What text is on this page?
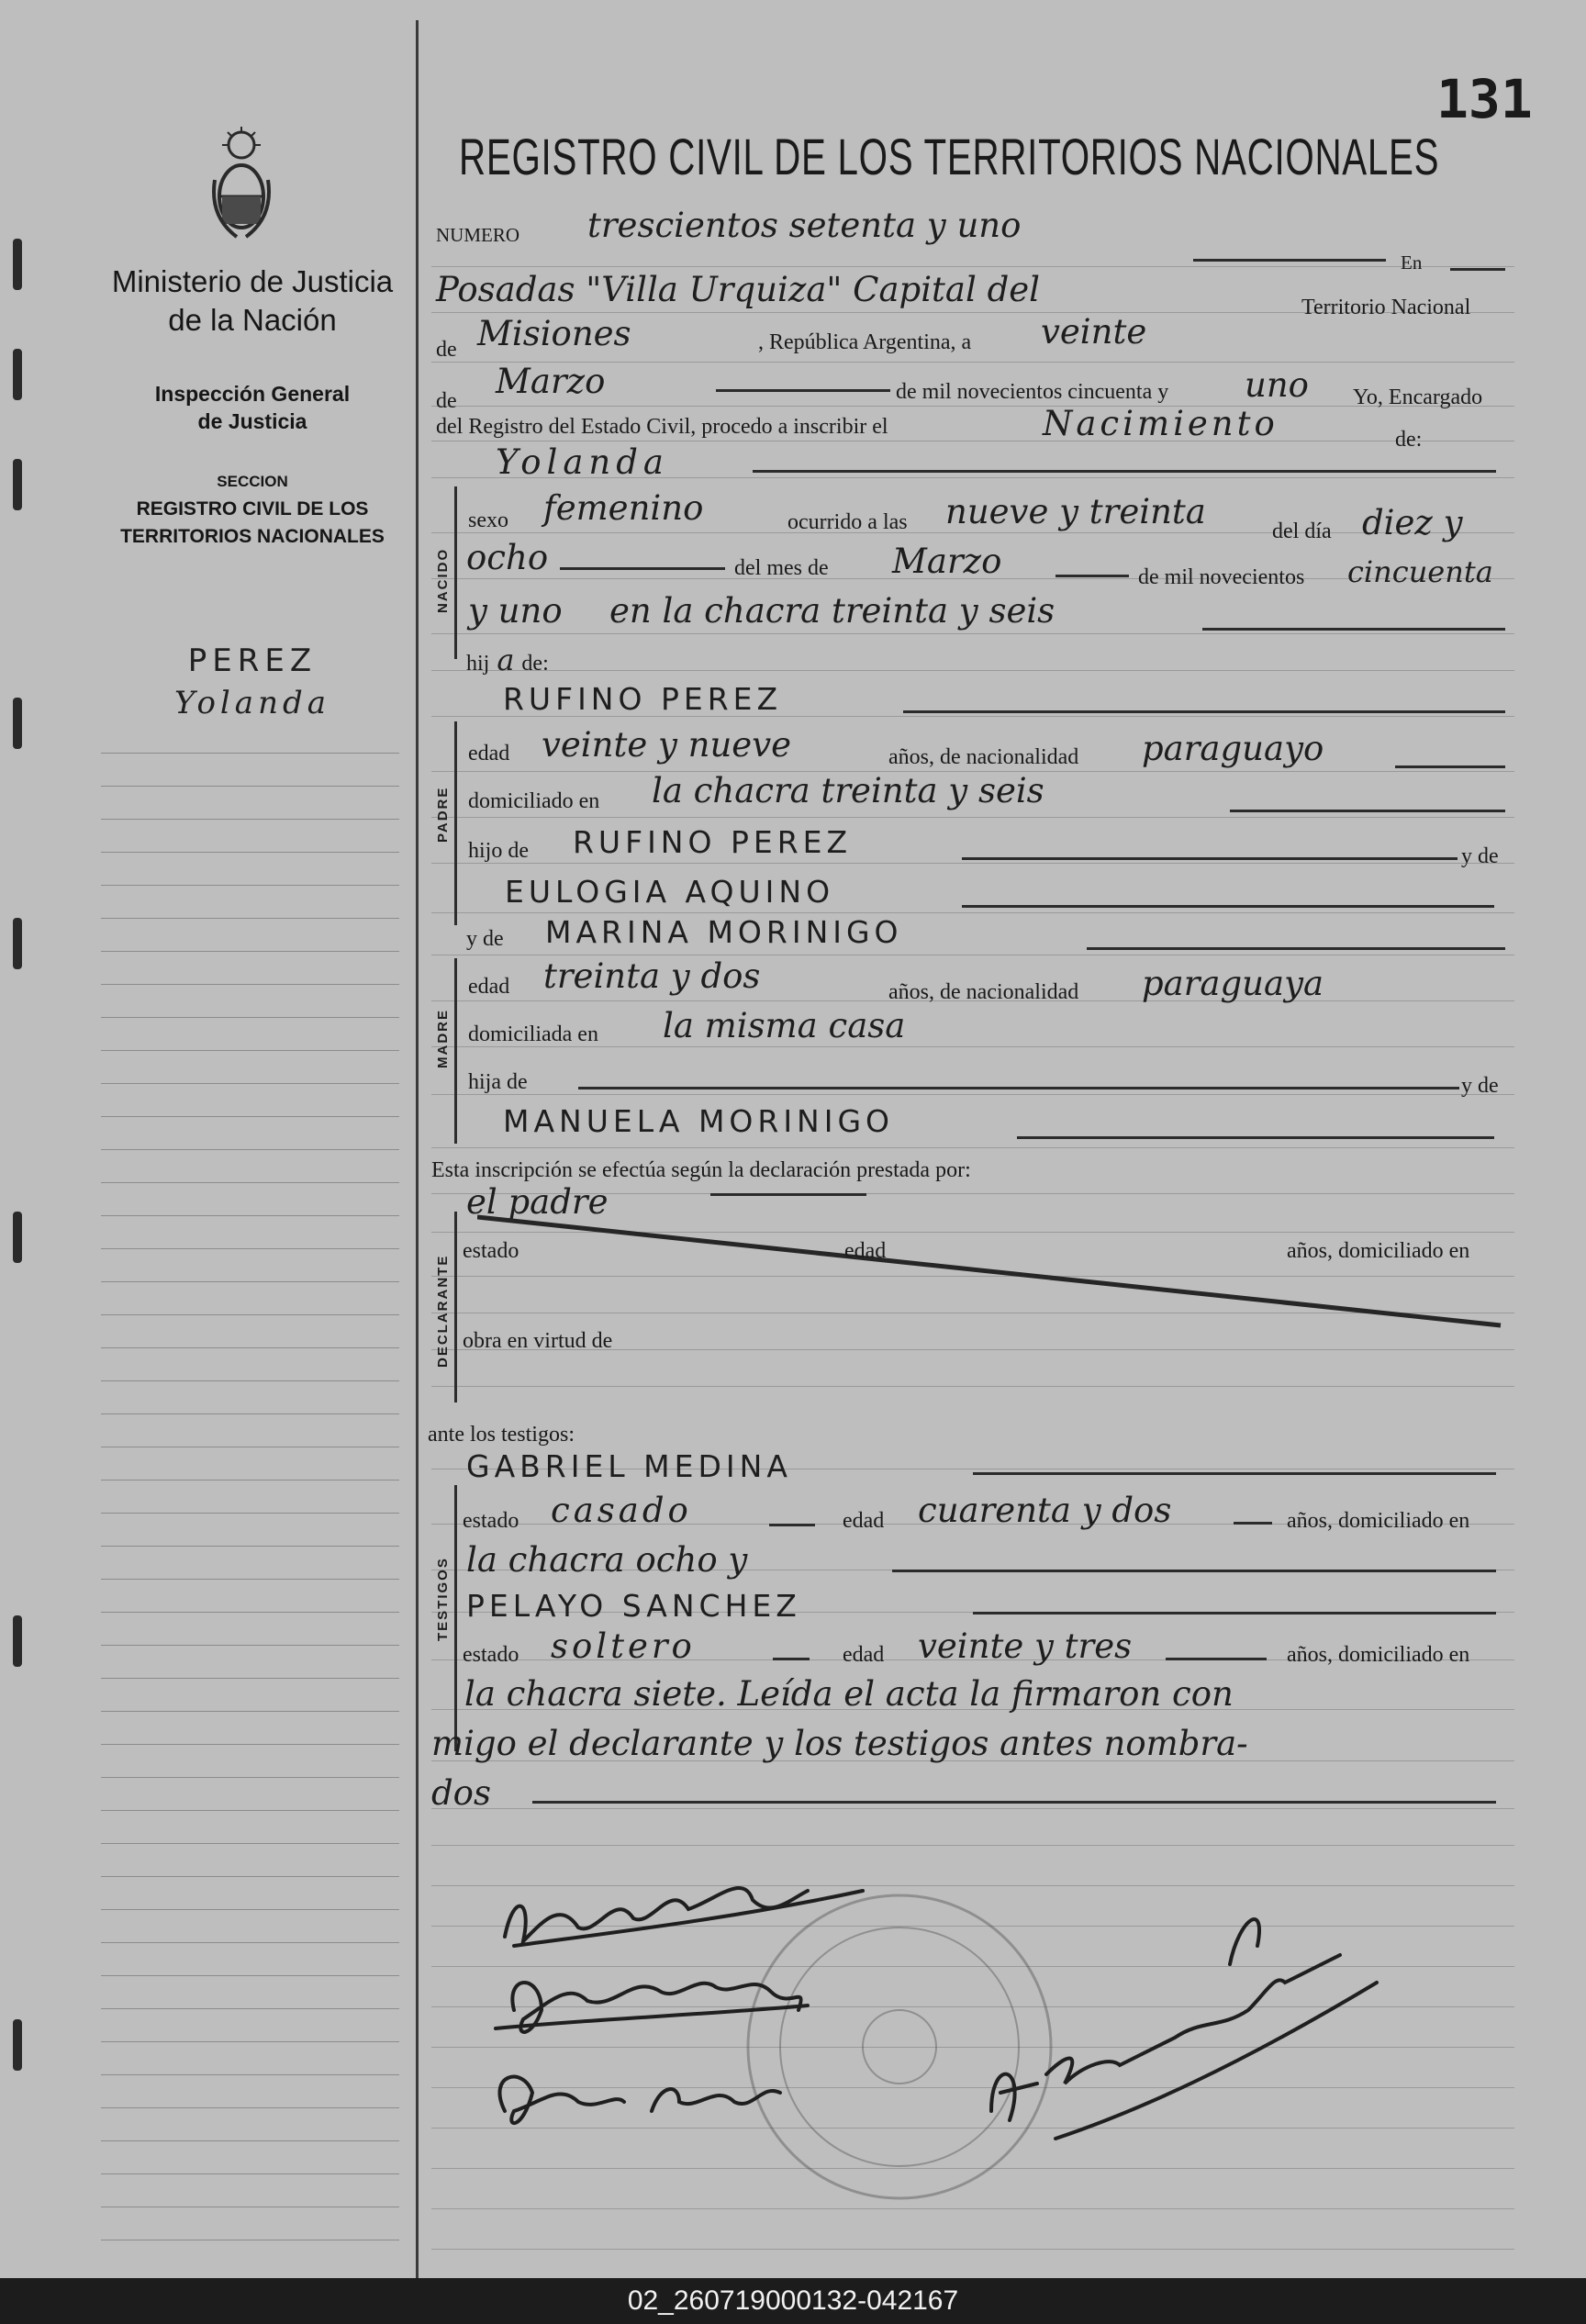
Ministerio de Justicia
de la Nación
Inspección General
de Justicia
SECCION
REGISTRO CIVIL DE LOS
TERRITORIOS NACIONALES
PEREZ
Yolanda
131
REGISTRO CIVIL DE LOS TERRITORIOS NACIONALES
NUMERO trescientos setenta y uno
En
Posadas "Villa Urquiza" Capital del	Territorio Nacional
de Misiones	, República Argentina, a veinte
de Marzo	de mil novecientos cincuenta y uno Yo, Encargado
del Registro del Estado Civil, procedo a inscribir el	Nacimiento	de:
Yolanda
NACIDO
sexo femenino	ocurrido a las nueve y treinta	del día diez y
ocho	del mes de Marzo	de mil novecientos cincuenta
y uno en la chacra treinta y seis
hij a de:
RUFINO PEREZ
PADRE
edad veinte y nueve	años, de nacionalidad paraguayo
domiciliado en la chacra treinta y seis
hijo de RUFINO PEREZ	y de
EULOGIA AQUINO
y de MARINA MORINIGO
MADRE
edad treinta y dos	años, de nacionalidad paraguaya
domiciliada en la misma casa
hija de	y de
MANUELA MORINIGO
Esta inscripción se efectúa según la declaración prestada por:
el padre
DECLARANTE
estado	edad	años, domiciliado en
obra en virtud de
ante los testigos:
GABRIEL MEDINA
TESTIGOS
estado casado	edad cuarenta y dos	años, domiciliado en
la chacra ocho y
PELAYO SANCHEZ
estado soltero	edad veinte y tres	años, domiciliado en
la chacra siete. Leída el acta la firmaron con
migo el declarante y los testigos antes nombra-
dos
02_260719000132-042167
